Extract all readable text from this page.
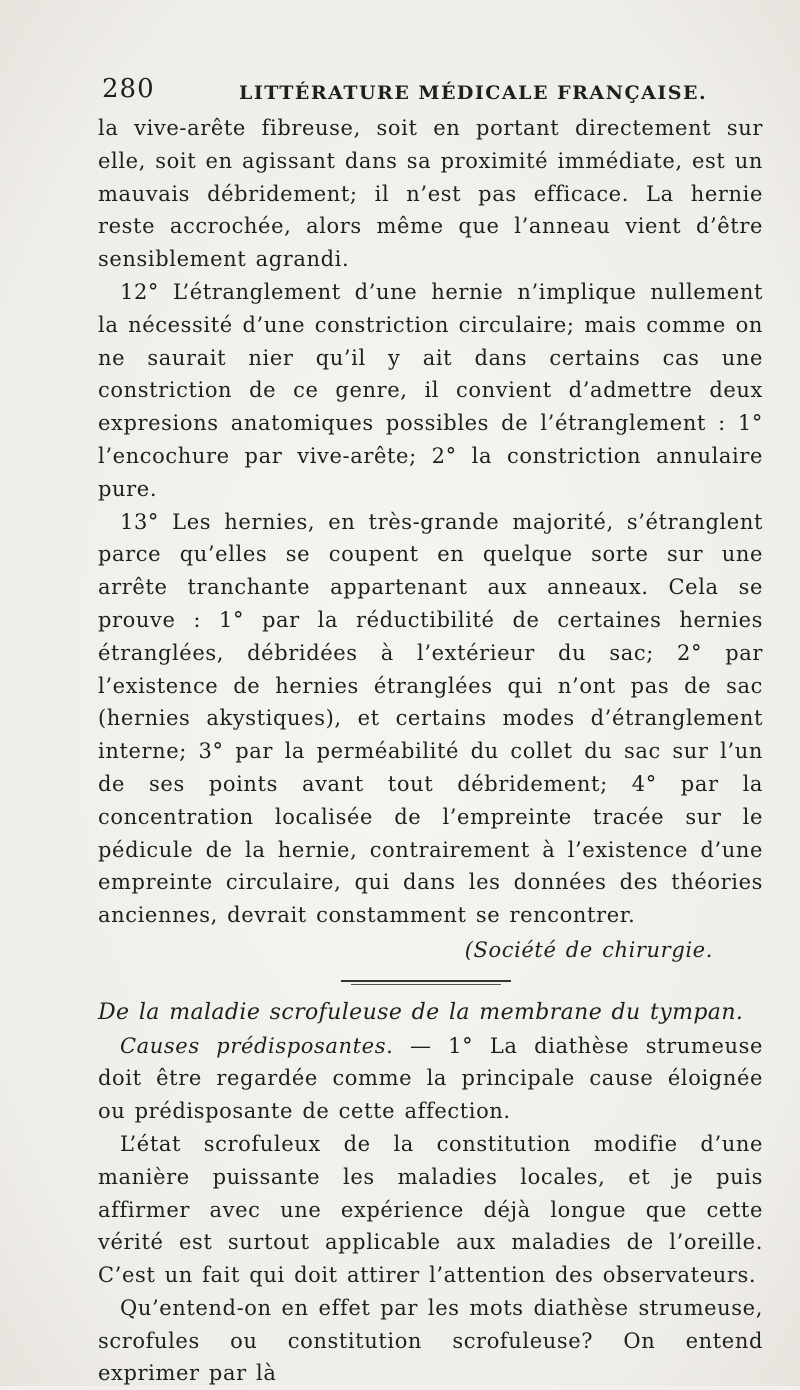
280	LITTÉRATURE MÉDICALE FRANÇAISE.

la vive-arête fibreuse, soit en portant directement sur elle, soit en agissant dans sa proximité immédiate, est un mauvais débridement; il n’est pas efficace. La hernie reste accrochée, alors même que l’anneau vient d’être sensiblement agrandi.

12° L’étranglement d’une hernie n’implique nullement la nécessité d’une constriction circulaire; mais comme on ne saurait nier qu’il y ait dans certains cas une constriction de ce genre, il convient d’admettre deux expresions anatomiques possibles de l’étranglement : 1° l’encochure par vive-arête; 2° la constriction annulaire pure.

13° Les hernies, en très-grande majorité, s’étranglent parce qu’elles se coupent en quelque sorte sur une arrête tranchante appartenant aux anneaux. Cela se prouve : 1° par la réductibilité de certaines hernies étranglées, débridées à l’extérieur du sac; 2° par l’existence de hernies étranglées qui n’ont pas de sac (hernies akystiques), et certains modes d’étranglement interne; 3° par la perméabilité du collet du sac sur l’un de ses points avant tout débridement; 4° par la concentration localisée de l’empreinte tracée sur le pédicule de la hernie, contrairement à l’existence d’une empreinte circulaire, qui dans les données des théories anciennes, devrait constamment se rencontrer.

(Société de chirurgie.

De la maladie scrofuleuse de la membrane du tympan.

Causes prédisposantes. — 1° La diathèse strumeuse doit être regardée comme la principale cause éloignée ou prédisposante de cette affection.

L’état scrofuleux de la constitution modifie d’une manière puissante les maladies locales, et je puis affirmer avec une expérience déjà longue que cette vérité est surtout applicable aux maladies de l’oreille. C’est un fait qui doit attirer l’attention des observateurs.

Qu’entend-on en effet par les mots diathèse strumeuse, scrofules ou constitution scrofuleuse? On entend exprimer par là
